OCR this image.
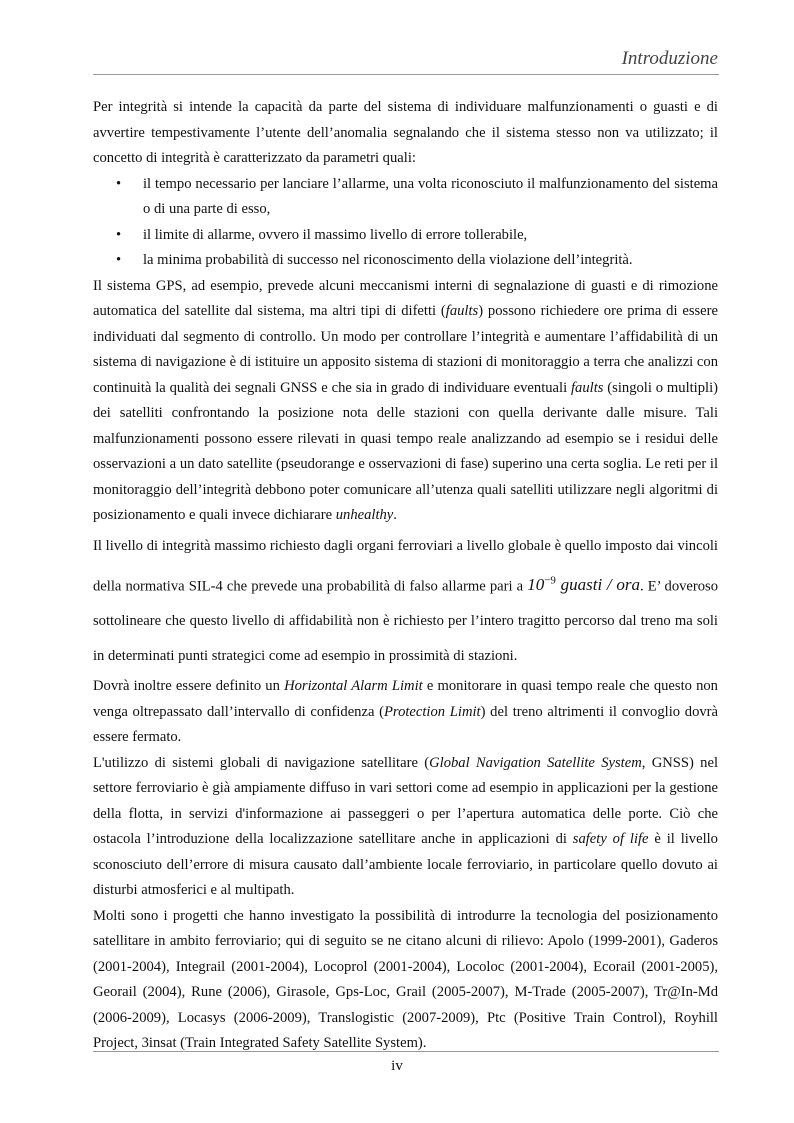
Introduzione

Per integrità si intende la capacità da parte del sistema di individuare malfunzionamenti o guasti e di avvertire tempestivamente l’utente dell’anomalia segnalando che il sistema stesso non va utilizzato; il concetto di integrità è caratterizzato da parametri quali:

• il tempo necessario per lanciare l’allarme, una volta riconosciuto il malfunzionamento del sistema o di una parte di esso,
• il limite di allarme, ovvero il massimo livello di errore tollerabile,
• la minima probabilità di successo nel riconoscimento della violazione dell’integrità.

Il sistema GPS, ad esempio, prevede alcuni meccanismi interni di segnalazione di guasti e di rimozione automatica del satellite dal sistema, ma altri tipi di difetti (faults) possono richiedere ore prima di essere individuati dal segmento di controllo. Un modo per controllare l’integrità e aumentare l’affidabilità di un sistema di navigazione è di istituire un apposito sistema di stazioni di monitoraggio a terra che analizzi con continuità la qualità dei segnali GNSS e che sia in grado di individuare eventuali faults (singoli o multipli) dei satelliti confrontando la posizione nota delle stazioni con quella derivante dalle misure. Tali malfunzionamenti possono essere rilevati in quasi tempo reale analizzando ad esempio se i residui delle osservazioni a un dato satellite (pseudorange e osservazioni di fase) superino una certa soglia. Le reti per il monitoraggio dell’integrità debbono poter comunicare all’utenza quali satelliti utilizzare negli algoritmi di posizionamento e quali invece dichiarare unhealthy.

Il livello di integrità massimo richiesto dagli organi ferroviari a livello globale è quello imposto dai vincoli della normativa SIL-4 che prevede una probabilità di falso allarme pari a $10^{-9}$ guasti / ora. E’ doveroso sottolineare che questo livello di affidabilità non è richiesto per l’intero tragitto percorso dal treno ma soli in determinati punti strategici come ad esempio in prossimità di stazioni.

Dovrà inoltre essere definito un Horizontal Alarm Limit e monitorare in quasi tempo reale che questo non venga oltrepassato dall’intervallo di confidenza (Protection Limit) del treno altrimenti il convoglio dovrà essere fermato.

L'utilizzo di sistemi globali di navigazione satellitare (Global Navigation Satellite System, GNSS) nel settore ferroviario è già ampiamente diffuso in vari settori come ad esempio in applicazioni per la gestione della flotta, in servizi d'informazione ai passeggeri o per l’apertura automatica delle porte. Ciò che ostacola l’introduzione della localizzazione satellitare anche in applicazioni di safety of life è il livello sconosciuto dell’errore di misura causato dall’ambiente locale ferroviario, in particolare quello dovuto ai disturbi atmosferici e al multipath.

Molti sono i progetti che hanno investigato la possibilità di introdurre la tecnologia del posizionamento satellitare in ambito ferroviario; qui di seguito se ne citano alcuni di rilievo: Apolo (1999-2001), Gaderos (2001-2004), Integrail (2001-2004), Locoprol (2001-2004), Locoloc (2001-2004), Ecorail (2001-2005), Georail (2004), Rune (2006), Girasole, Gps-Loc, Grail (2005-2007), M-Trade (2005-2007), Tr@In-Md (2006-2009), Locasys (2006-2009), Translogistic (2007-2009), Ptc (Positive Train Control), Royhill Project, 3insat (Train Integrated Safety Satellite System).

iv
